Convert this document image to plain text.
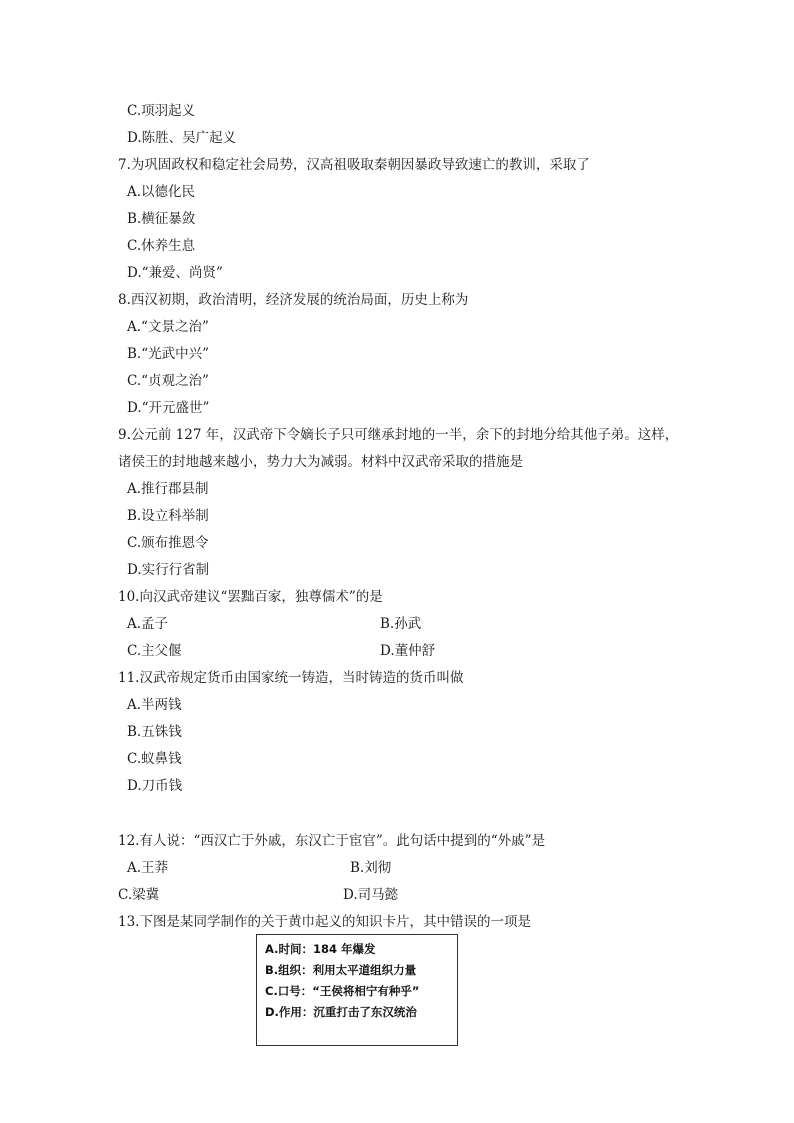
C.项羽起义
D.陈胜、吴广起义
7.为巩固政权和稳定社会局势，汉高祖吸取秦朝因暴政导致速亡的教训，采取了
A.以德化民
B.横征暴敛
C.休养生息
D.“兼爱、尚贤”
8.西汉初期，政治清明，经济发展的统治局面，历史上称为
A.“文景之治”
B.“光武中兴”
C.“贞观之治”
D.“开元盛世”
9.公元前 127 年，汉武帝下令嫡长子只可继承封地的一半，余下的封地分给其他子弟。这样，
诸侯王的封地越来越小，势力大为减弱。材料中汉武帝采取的措施是
A.推行郡县制
B.设立科举制
C.颁布推恩令
D.实行行省制
10.向汉武帝建议“罢黜百家，独尊儒术”的是
A.孟子	B.孙武
C.主父偃	D.董仲舒
11.汉武帝规定货币由国家统一铸造，当时铸造的货币叫做
A.半两钱
B.五铢钱
C.蚁鼻钱
D.刀币钱
12.有人说：“西汉亡于外戚，东汉亡于宦官”。此句话中提到的“外戚”是
A.王莽	B.刘彻
C.梁冀	D.司马懿
13.下图是某同学制作的关于黄巾起义的知识卡片，其中错误的一项是
A.时间：184 年爆发
B.组织：利用太平道组织力量
C.口号：“王侯将相宁有种乎”
D.作用：沉重打击了东汉统治
